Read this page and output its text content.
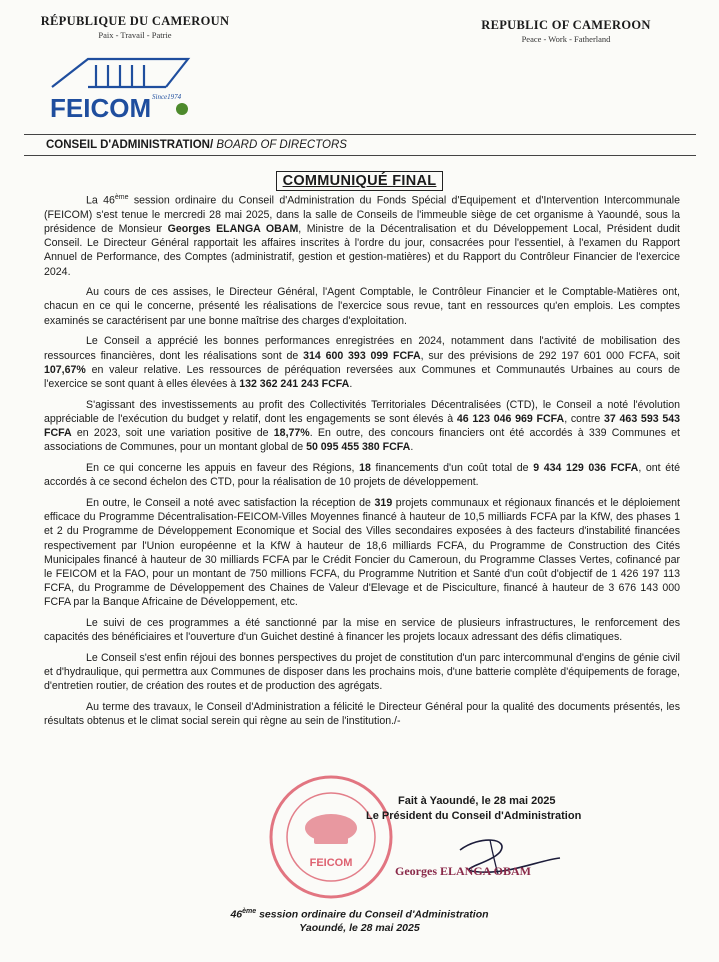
RÉPUBLIQUE DU CAMEROUN
Paix - Travail - Patrie
REPUBLIC OF CAMEROON
Peace - Work - Fatherland
FEICOM Since1974
CONSEIL D'ADMINISTRATION/ BOARD OF DIRECTORS
COMMUNIQUÉ FINAL

La 46ème session ordinaire du Conseil d'Administration du Fonds Spécial d'Equipement et d'Intervention Intercommunale (FEICOM) s'est tenue le mercredi 28 mai 2025, dans la salle de Conseils de l'immeuble siège de cet organisme à Yaoundé, sous la présidence de Monsieur Georges ELANGA OBAM, Ministre de la Décentralisation et du Développement Local, Président dudit Conseil. Le Directeur Général rapportait les affaires inscrites à l'ordre du jour, consacrées pour l'essentiel, à l'examen du Rapport Annuel de Performance, des Comptes (administratif, gestion et gestion-matières) et du Rapport du Contrôleur Financier de l'exercice 2024.

Au cours de ces assises, le Directeur Général, l'Agent Comptable, le Contrôleur Financier et le Comptable-Matières ont, chacun en ce qui le concerne, présenté les réalisations de l'exercice sous revue, tant en ressources qu'en emplois. Les comptes examinés se caractérisent par une bonne maîtrise des charges d'exploitation.

Le Conseil a apprécié les bonnes performances enregistrées en 2024, notamment dans l'activité de mobilisation des ressources financières, dont les réalisations sont de 314 600 393 099 FCFA, sur des prévisions de 292 197 601 000 FCFA, soit 107,67% en valeur relative. Les ressources de péréquation reversées aux Communes et Communautés Urbaines au cours de l'exercice se sont quant à elles élevées à 132 362 241 243 FCFA.

S'agissant des investissements au profit des Collectivités Territoriales Décentralisées (CTD), le Conseil a noté l'évolution appréciable de l'exécution du budget y relatif, dont les engagements se sont élevés à 46 123 046 969 FCFA, contre 37 463 593 543 FCFA en 2023, soit une variation positive de 18,77%. En outre, des concours financiers ont été accordés à 339 Communes et associations de Communes, pour un montant global de 50 095 455 380 FCFA.

En ce qui concerne les appuis en faveur des Régions, 18 financements d'un coût total de 9 434 129 036 FCFA, ont été accordés à ce second échelon des CTD, pour la réalisation de 10 projets de développement.

En outre, le Conseil a noté avec satisfaction la réception de 319 projets communaux et régionaux financés et le déploiement efficace du Programme Décentralisation-FEICOM-Villes Moyennes financé à hauteur de 10,5 milliards FCFA par la KfW, des phases 1 et 2 du Programme de Développement Economique et Social des Villes secondaires exposées à des facteurs d'instabilité financées respectivement par l'Union européenne et la KfW à hauteur de 18,6 milliards FCFA, du Programme de Construction des Cités Municipales financé à hauteur de 30 milliards FCFA par le Crédit Foncier du Cameroun, du Programme Classes Vertes, cofinancé par le FEICOM et la FAO, pour un montant de 750 millions FCFA, du Programme Nutrition et Santé d'un coût d'objectif de 1 426 197 113 FCFA, du Programme de Développement des Chaines de Valeur d'Elevage et de Pisciculture, financé à hauteur de 3 676 143 000 FCFA par la Banque Africaine de Développement, etc.

Le suivi de ces programmes a été sanctionné par la mise en service de plusieurs infrastructures, le renforcement des capacités des bénéficiaires et l'ouverture d'un Guichet destiné à financer les projets locaux adressant des défis climatiques.

Le Conseil s'est enfin réjoui des bonnes perspectives du projet de constitution d'un parc intercommunal d'engins de génie civil et d'hydraulique, qui permettra aux Communes de disposer dans les prochains mois, d'une batterie complète d'équipements de forage, d'entretien routier, de création des routes et de production des agrégats.

Au terme des travaux, le Conseil d'Administration a félicité le Directeur Général pour la qualité des documents présentés, les résultats obtenus et le climat social serein qui règne au sein de l'institution./-

FEICOM
Fait à Yaoundé, le 28 mai 2025
Le Président du Conseil d'Administration
Georges ELANGA OBAM
46ème session ordinaire du Conseil d'Administration
Yaoundé, le 28 mai 2025
